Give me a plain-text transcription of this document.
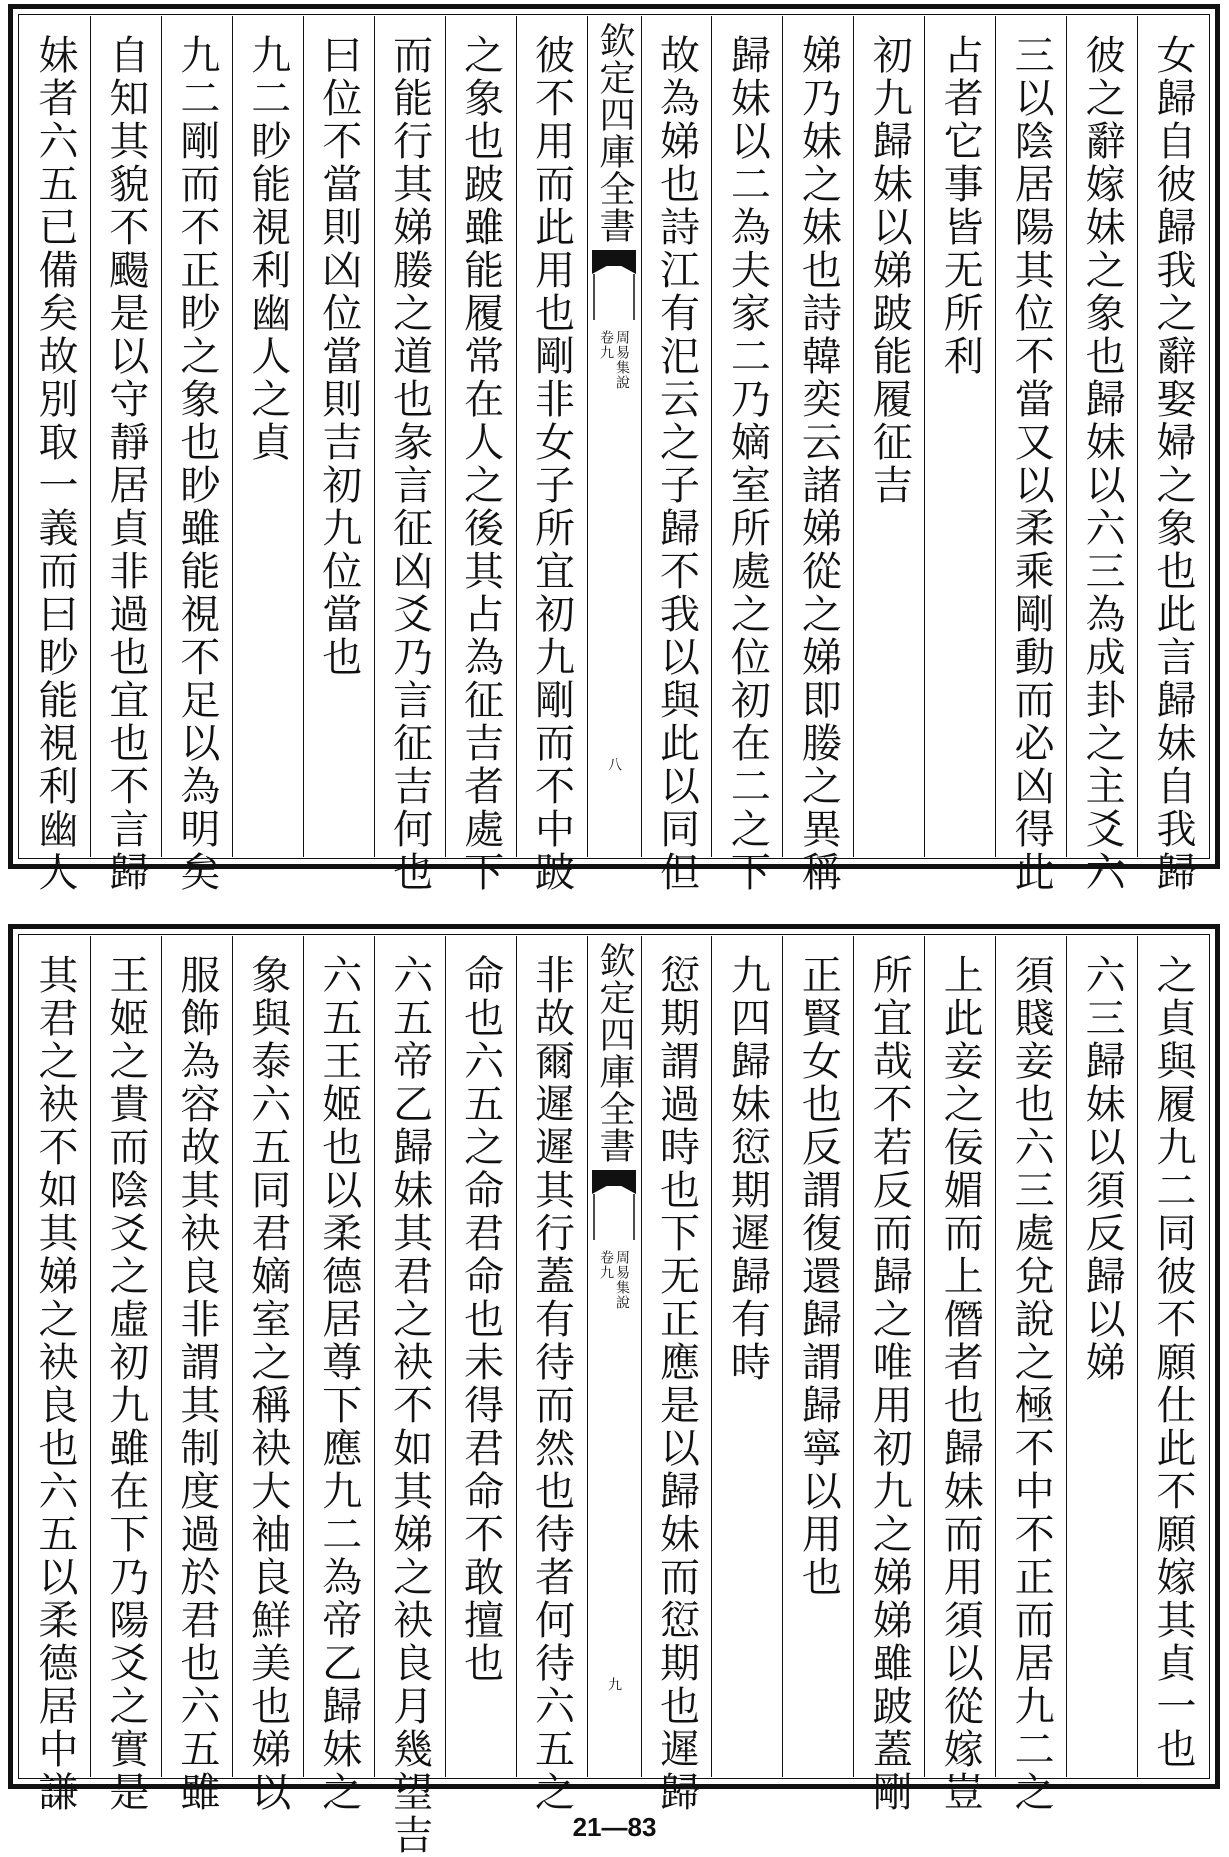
女歸自彼歸我之辭娶婦之象也此言歸妹自我歸
彼之辭嫁妹之象也歸妹以六三為成卦之主爻六
三以陰居陽其位不當又以柔乘剛動而必凶得此
占者它事皆无所利
初九歸妹以娣跛能履征吉
娣乃妹之妹也詩韓奕云諸娣從之娣即媵之異稱
歸妹以二為夫家二乃嫡室所處之位初在二之下
故為娣也詩江有汜云之子歸不我以與此以同但
欽定四庫全書
周易集說
卷九
八
彼不用而此用也剛非女子所宜初九剛而不中跛
之象也跛雖能履常在人之後其占為征吉者處下
而能行其娣媵之道也彖言征凶爻乃言征吉何也
曰位不當則凶位當則吉初九位當也
九二眇能視利幽人之貞
九二剛而不正眇之象也眇雖能視不足以為明矣
自知其貌不颺是以守靜居貞非過也宜也不言歸
妹者六五已備矣故別取一義而曰眇能視利幽人
之貞與履九二同彼不願仕此不願嫁其貞一也
六三歸妹以須反歸以娣
須賤妾也六三處兌說之極不中不正而居九二之
上此妾之佞媚而上僭者也歸妹而用須以從嫁豈
所宜哉不若反而歸之唯用初九之娣娣雖跛蓋剛
正賢女也反謂復還歸謂歸寧以用也
九四歸妹愆期遲歸有時
愆期謂過時也下无正應是以歸妹而愆期也遲歸
欽定四庫全書
周易集說
卷九
九
非故爾遲遲其行蓋有待而然也待者何待六五之
命也六五之命君命也未得君命不敢擅也
六五帝乙歸妹其君之袂不如其娣之袂良月幾望吉
六五王姬也以柔德居尊下應九二為帝乙歸妹之
象與泰六五同君嫡室之稱袂大袖良鮮美也娣以
服飾為容故其袂良非謂其制度過於君也六五雖
王姬之貴而陰爻之虛初九雖在下乃陽爻之實是
其君之袂不如其娣之袂良也六五以柔德居中謙
21—83
